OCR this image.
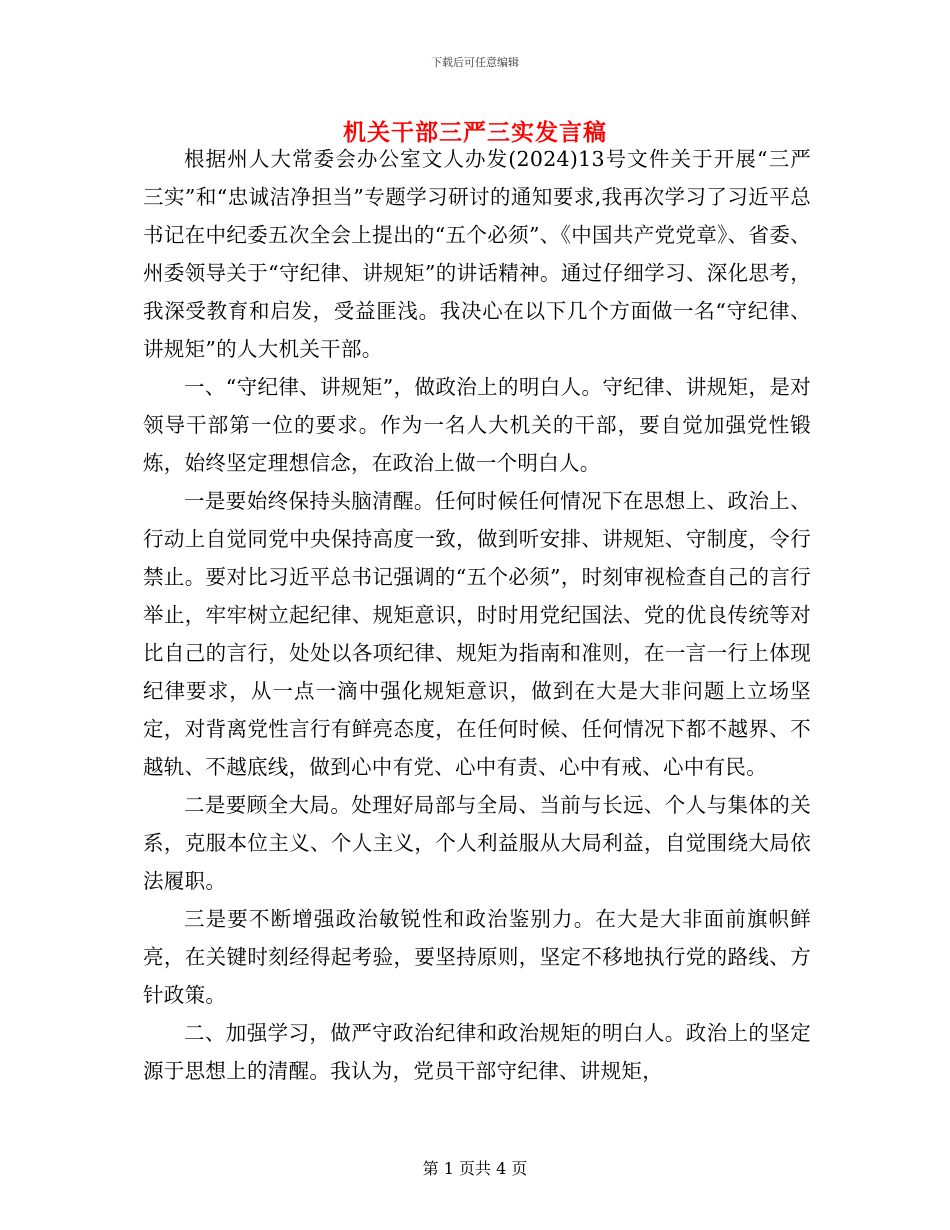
下载后可任意编辑
机关干部三严三实发言稿

根据州人大常委会办公室文人办发(2024)13号文件关于开展“三严三实”和“忠诚洁净担当”专题学习研讨的通知要求,我再次学习了习近平总书记在中纪委五次全会上提出的“五个必须”、《中国共产党党章》、省委、州委领导关于“守纪律、讲规矩”的讲话精神。通过仔细学习、深化思考，我深受教育和启发，受益匪浅。我决心在以下几个方面做一名“守纪律、讲规矩”的人大机关干部。

一、“守纪律、讲规矩”，做政治上的明白人。守纪律、讲规矩，是对领导干部第一位的要求。作为一名人大机关的干部，要自觉加强党性锻炼，始终坚定理想信念，在政治上做一个明白人。

一是要始终保持头脑清醒。任何时候任何情况下在思想上、政治上、行动上自觉同党中央保持高度一致，做到听安排、讲规矩、守制度，令行禁止。要对比习近平总书记强调的“五个必须”，时刻审视检查自己的言行举止，牢牢树立起纪律、规矩意识，时时用党纪国法、党的优良传统等对比自己的言行，处处以各项纪律、规矩为指南和准则，在一言一行上体现纪律要求，从一点一滴中强化规矩意识，做到在大是大非问题上立场坚定，对背离党性言行有鲜亮态度，在任何时候、任何情况下都不越界、不越轨、不越底线，做到心中有党、心中有责、心中有戒、心中有民。

二是要顾全大局。处理好局部与全局、当前与长远、个人与集体的关系，克服本位主义、个人主义，个人利益服从大局利益，自觉围绕大局依法履职。

三是要不断增强政治敏锐性和政治鉴别力。在大是大非面前旗帜鲜亮，在关键时刻经得起考验，要坚持原则，坚定不移地执行党的路线、方针政策。

二、加强学习，做严守政治纪律和政治规矩的明白人。政治上的坚定源于思想上的清醒。我认为，党员干部守纪律、讲规矩，

第 1 页共 4 页
